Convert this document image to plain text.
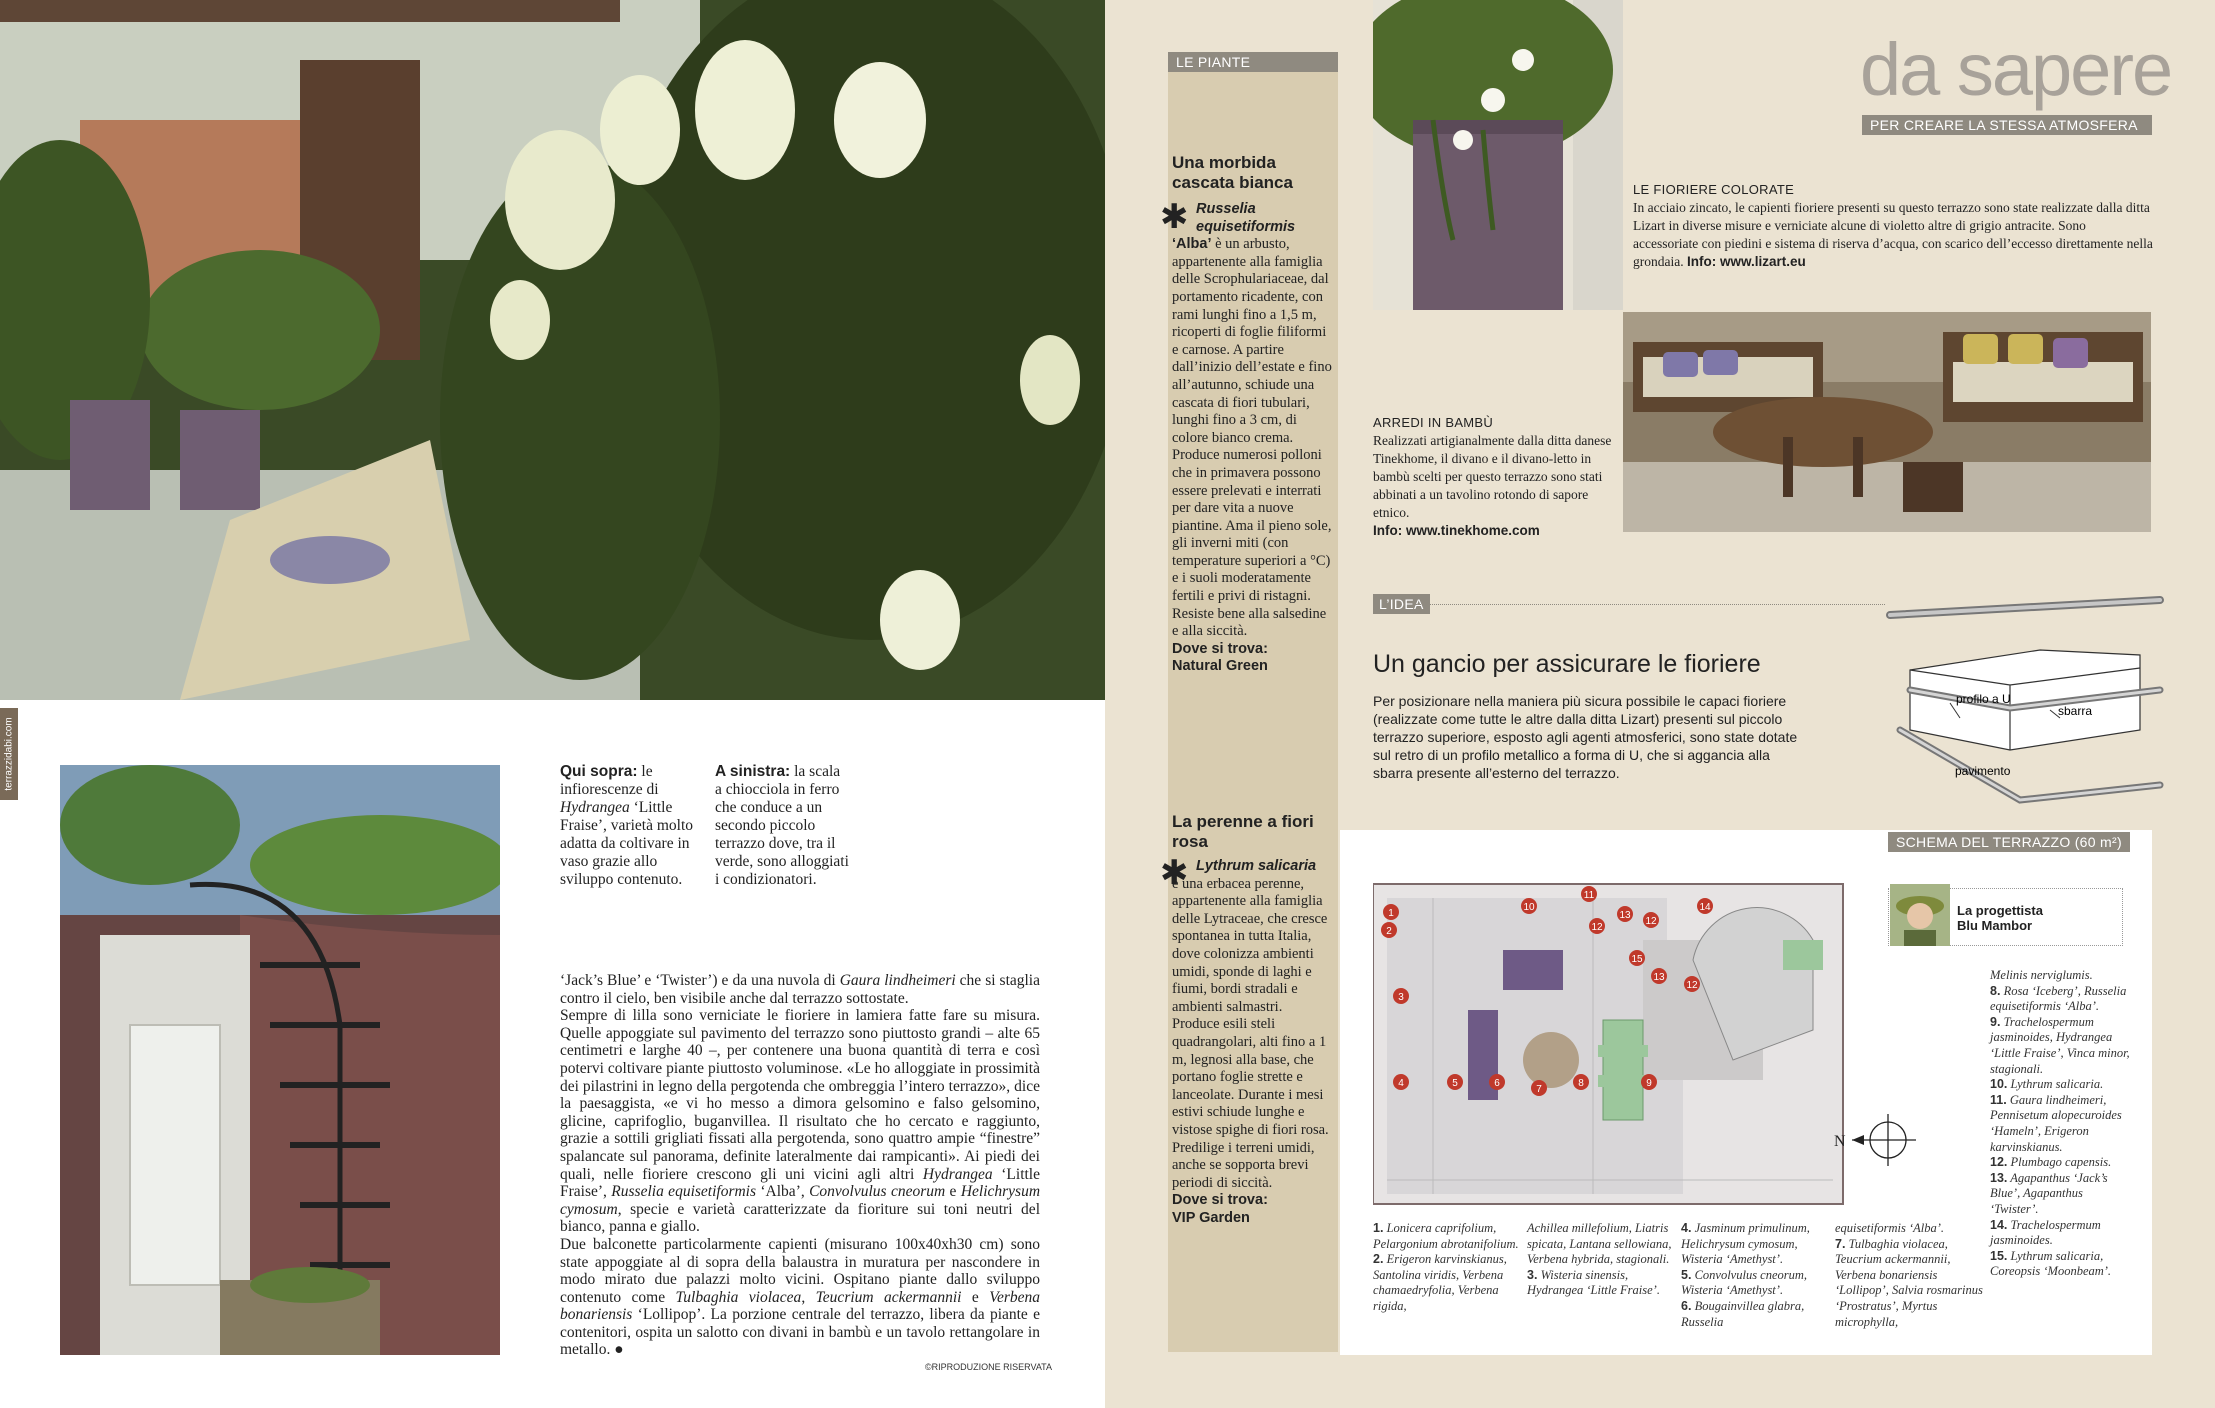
terrazzidabi.com	Qui sopra: le infiorescenze di Hydrangea ‘Little Fraise’, varietà molto adatta da coltivare in vaso grazie allo sviluppo contenuto.
A sinistra: la scala a chiocciola in ferro che conduce a un secondo piccolo terrazzo dove, tra il verde, sono alloggiati i condizionatori.

‘Jack’s Blue’ e ‘Twister’) e da una nuvola di Gaura lindheimeri che si staglia contro il cielo, ben visibile anche dal terrazzo sottostate.

Sempre di lilla sono verniciate le fioriere in lamiera fatte fare su misura. Quelle appoggiate sul pavimento del terrazzo sono piuttosto grandi – alte 65 centimetri e larghe 40 –, per contenere una buona quantità di terra e così potervi coltivare piante piuttosto voluminose. «Le ho alloggiate in prossimità dei pilastrini in legno della pergotenda che ombreggia l’intero terrazzo», dice la paesaggista, «e vi ho messo a dimora gelsomino e falso gelsomino, glicine, caprifoglio, buganvillea. Il risultato che ho cercato e raggiunto, grazie a sottili grigliati fissati alla pergotenda, sono quattro ampie “finestre” spalancate sul panorama, definite lateralmente dai rampicanti». Ai piedi dei quali, nelle fioriere crescono gli uni vicini agli altri Hydrangea ‘Little Fraise’, Russelia equisetiformis ‘Alba’, Convolvulus cneorum e Helichrysum cymosum, specie e varietà caratterizzate da fioriture sui toni neutri del bianco, panna e giallo.

Due balconette particolarmente capienti (misurano 100x40xh30 cm) sono state appoggiate al di sopra della balaustra in muratura per nascondere in modo mirato due palazzi molto vicini. Ospitano piante dallo sviluppo contenuto come Tulbaghia violacea, Teucrium ackermannii e Verbena bonariensis ‘Lollipop’. La porzione centrale del terrazzo, libera da piante e contenitori, ospita un salotto con divani in bambù e un tavolo rettangolare in metallo. ●

©RIPRODUZIONE RISERVATA
LE PIANTE
Una morbida cascata bianca
✱ Russelia equisetiformis
‘Alba’ è un arbusto, appartenente alla famiglia delle Scrophulariaceae, dal portamento ricadente, con rami lunghi fino a 1,5 m, ricoperti di foglie filiformi e carnose. A partire dall’inizio dell’estate e fino all’autunno, schiude una cascata di fiori tubulari, lunghi fino a 3 cm, di colore bianco crema. Produce numerosi polloni che in primavera possono essere prelevati e interrati per dare vita a nuove piantine. Ama il pieno sole, gli inverni miti (con temperature superiori a °C) e i suoli moderatamente fertili e privi di ristagni. Resiste bene alla salsedine e alla siccità.
Dove si trova:
Natural Green
La perenne a fiori rosa
✱ Lythrum salicaria
è una erbacea perenne, appartenente alla famiglia delle Lytraceae, che cresce spontanea in tutta Italia, dove colonizza ambienti umidi, sponde di laghi e fiumi, bordi stradali e ambienti salmastri. Produce esili steli quadrangolari, alti fino a 1 m, legnosi alla base, che portano foglie strette e lanceolate. Durante i mesi estivi schiude lunghe e vistose spighe di fiori rosa. Predilige i terreni umidi, anche se sopporta brevi periodi di siccità.
Dove si trova:
VIP Garden
da sapere
PER CREARE LA STESSA ATMOSFERA
LE FIORIERE COLORATE
In acciaio zincato, le capienti fioriere presenti su questo terrazzo sono state realizzate dalla ditta Lizart in diverse misure e verniciate alcune di violetto altre di grigio antracite. Sono accessoriate con piedini e sistema di riserva d’acqua, con scarico dell’eccesso direttamente nella grondaia. Info: www.lizart.eu
ARREDI IN BAMBÙ
Realizzati artigianalmente dalla ditta danese Tinekhome, il divano e il divano-letto in bambù scelti per questo terrazzo sono stati abbinati a un tavolino rotondo di sapore etnico.
Info: www.tinekhome.com
L’IDEA
Un gancio per assicurare le fioriere
Per posizionare nella maniera più sicura possibile le capaci fioriere (realizzate come tutte le altre dalla ditta Lizart) presenti sul piccolo terrazzo superiore, esposto agli agenti atmosferici, sono state dotate sul retro di un profilo metallico a forma di U, che si aggancia alla sbarra presente all’esterno del terrazzo.
profilo a U
sbarra
pavimento
SCHEMA DEL TERRAZZO (60 m²)
1
2
3
4	5	6
7
8	9
10
11
12
13
12
14
15
13
12
La progettista
Blu Mambor
N
1. Lonicera caprifolium, Pelargonium abrotanifolium.
2. Erigeron karvinskianus, Santolina viridis, Verbena chamaedryfolia, Verbena rigida,
Achillea millefolium, Liatris spicata, Lantana sellowiana, Verbena hybrida, stagionali.
3. Wisteria sinensis, Hydrangea ‘Little Fraise’.
4. Jasminum primulinum, Helichrysum cymosum, Wisteria ‘Amethyst’.
5. Convolvulus cneorum, Wisteria ‘Amethyst’.
6. Bougainvillea glabra, Russelia
equisetiformis ‘Alba’.
7. Tulbaghia violacea, Teucrium ackermannii, Verbena bonariensis ‘Lollipop’, Salvia rosmarinus ‘Prostratus’, Myrtus microphylla,
Melinis nerviglumis.
8. Rosa ‘Iceberg’, Russelia equisetiformis ‘Alba’.
9. Trachelospermum jasminoides, Hydrangea ‘Little Fraise’, Vinca minor, stagionali.
10. Lythrum salicaria.
11. Gaura lindheimeri, Pennisetum alopecuroides ‘Hameln’, Erigeron karvinskianus.
12. Plumbago capensis.
13. Agapanthus ‘Jack’s Blue’, Agapanthus ‘Twister’.
14. Trachelospermum jasminoides.
15. Lythrum salicaria, Coreopsis ‘Moonbeam’.
